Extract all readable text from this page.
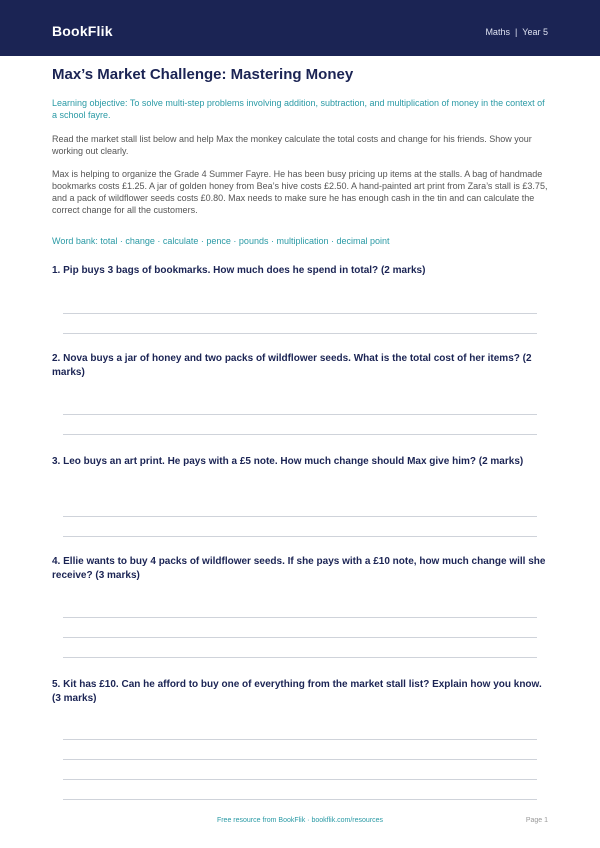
BookFlik	Maths | Year 5
Max’s Market Challenge: Mastering Money
Learning objective: To solve multi-step problems involving addition, subtraction, and multiplication of money in the context of a school fayre.
Read the market stall list below and help Max the monkey calculate the total costs and change for his friends. Show your working out clearly.
Max is helping to organize the Grade 4 Summer Fayre. He has been busy pricing up items at the stalls. A bag of handmade bookmarks costs £1.25. A jar of golden honey from Bea’s hive costs £2.50. A hand-painted art print from Zara’s stall is £3.75, and a pack of wildflower seeds costs £0.80. Max needs to make sure he has enough cash in the tin and can calculate the correct change for all the customers.
Word bank: total · change · calculate · pence · pounds · multiplication · decimal point
1. Pip buys 3 bags of bookmarks. How much does he spend in total? (2 marks)
2. Nova buys a jar of honey and two packs of wildflower seeds. What is the total cost of her items? (2 marks)
3. Leo buys an art print. He pays with a £5 note. How much change should Max give him? (2 marks)
4. Ellie wants to buy 4 packs of wildflower seeds. If she pays with a £10 note, how much change will she receive? (3 marks)
5. Kit has £10. Can he afford to buy one of everything from the market stall list? Explain how you know. (3 marks)
Free resource from BookFlik · bookflik.com/resources	Page 1
